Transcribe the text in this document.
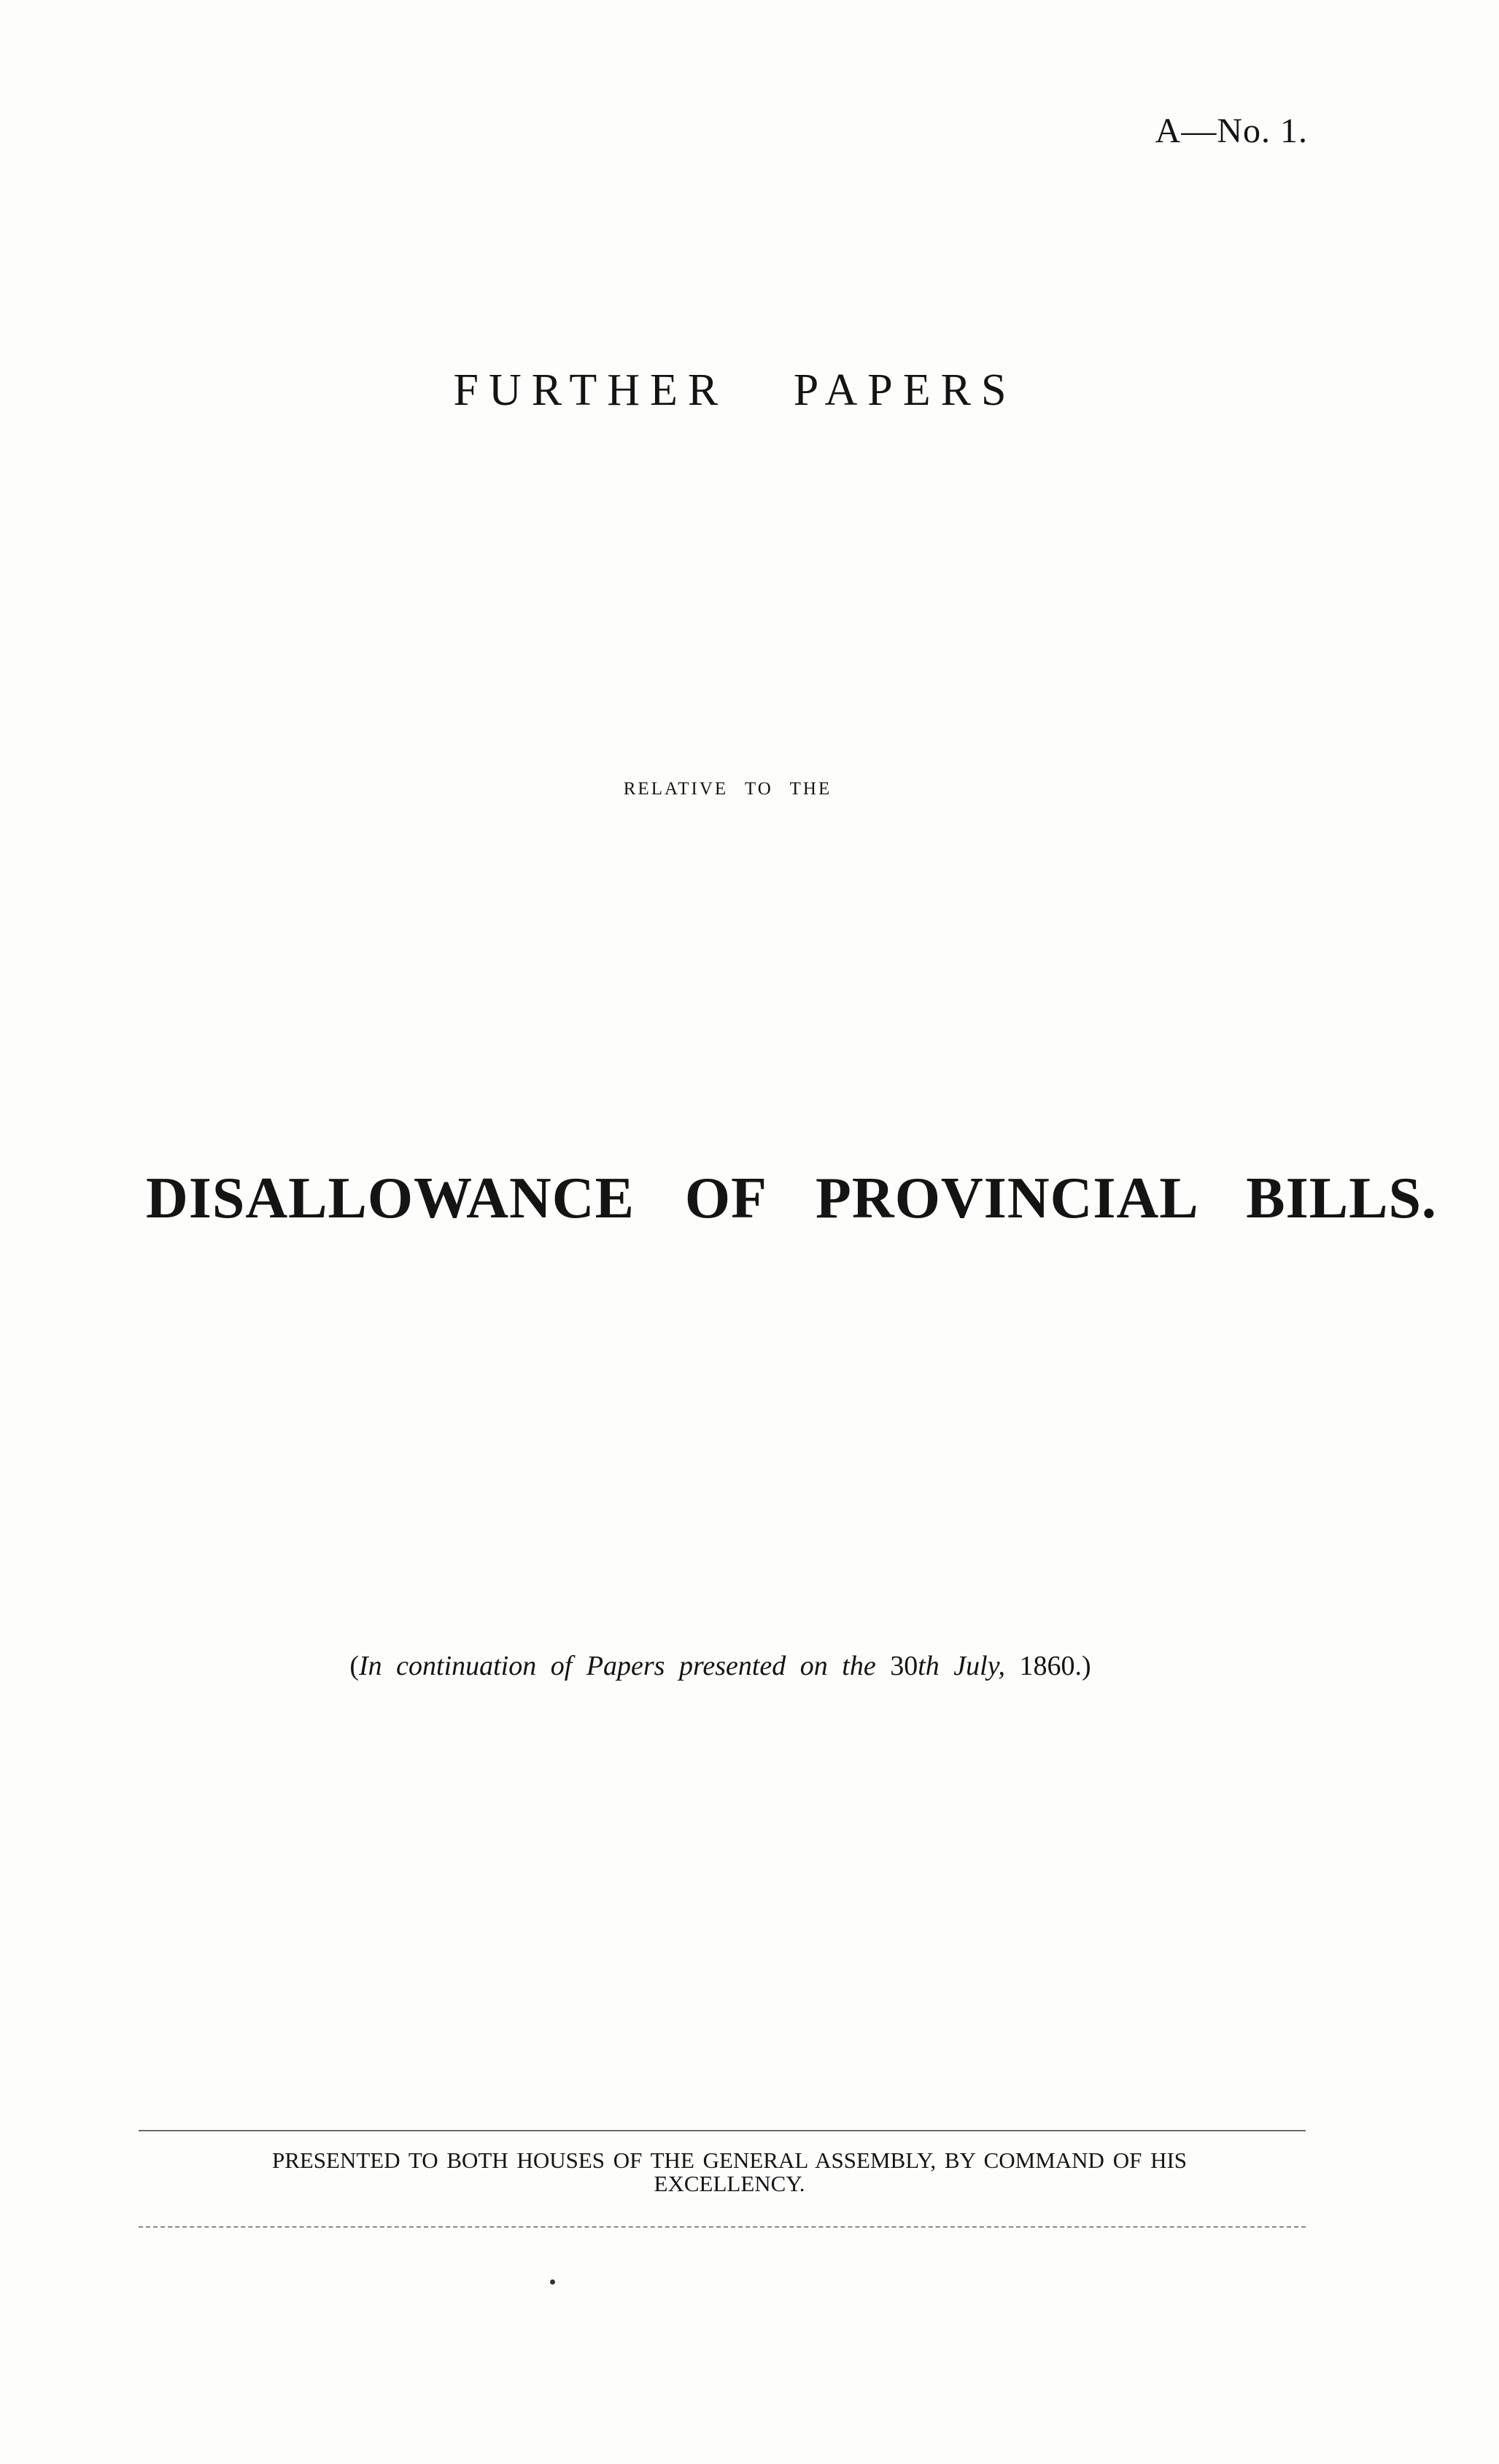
A—No. 1.
FURTHER PAPERS
RELATIVE TO THE
DISALLOWANCE OF PROVINCIAL BILLS.
(In continuation of Papers presented on the 30th July, 1860.)
PRESENTED TO BOTH HOUSES OF THE GENERAL ASSEMBLY, BY COMMAND OF HIS
EXCELLENCY.
